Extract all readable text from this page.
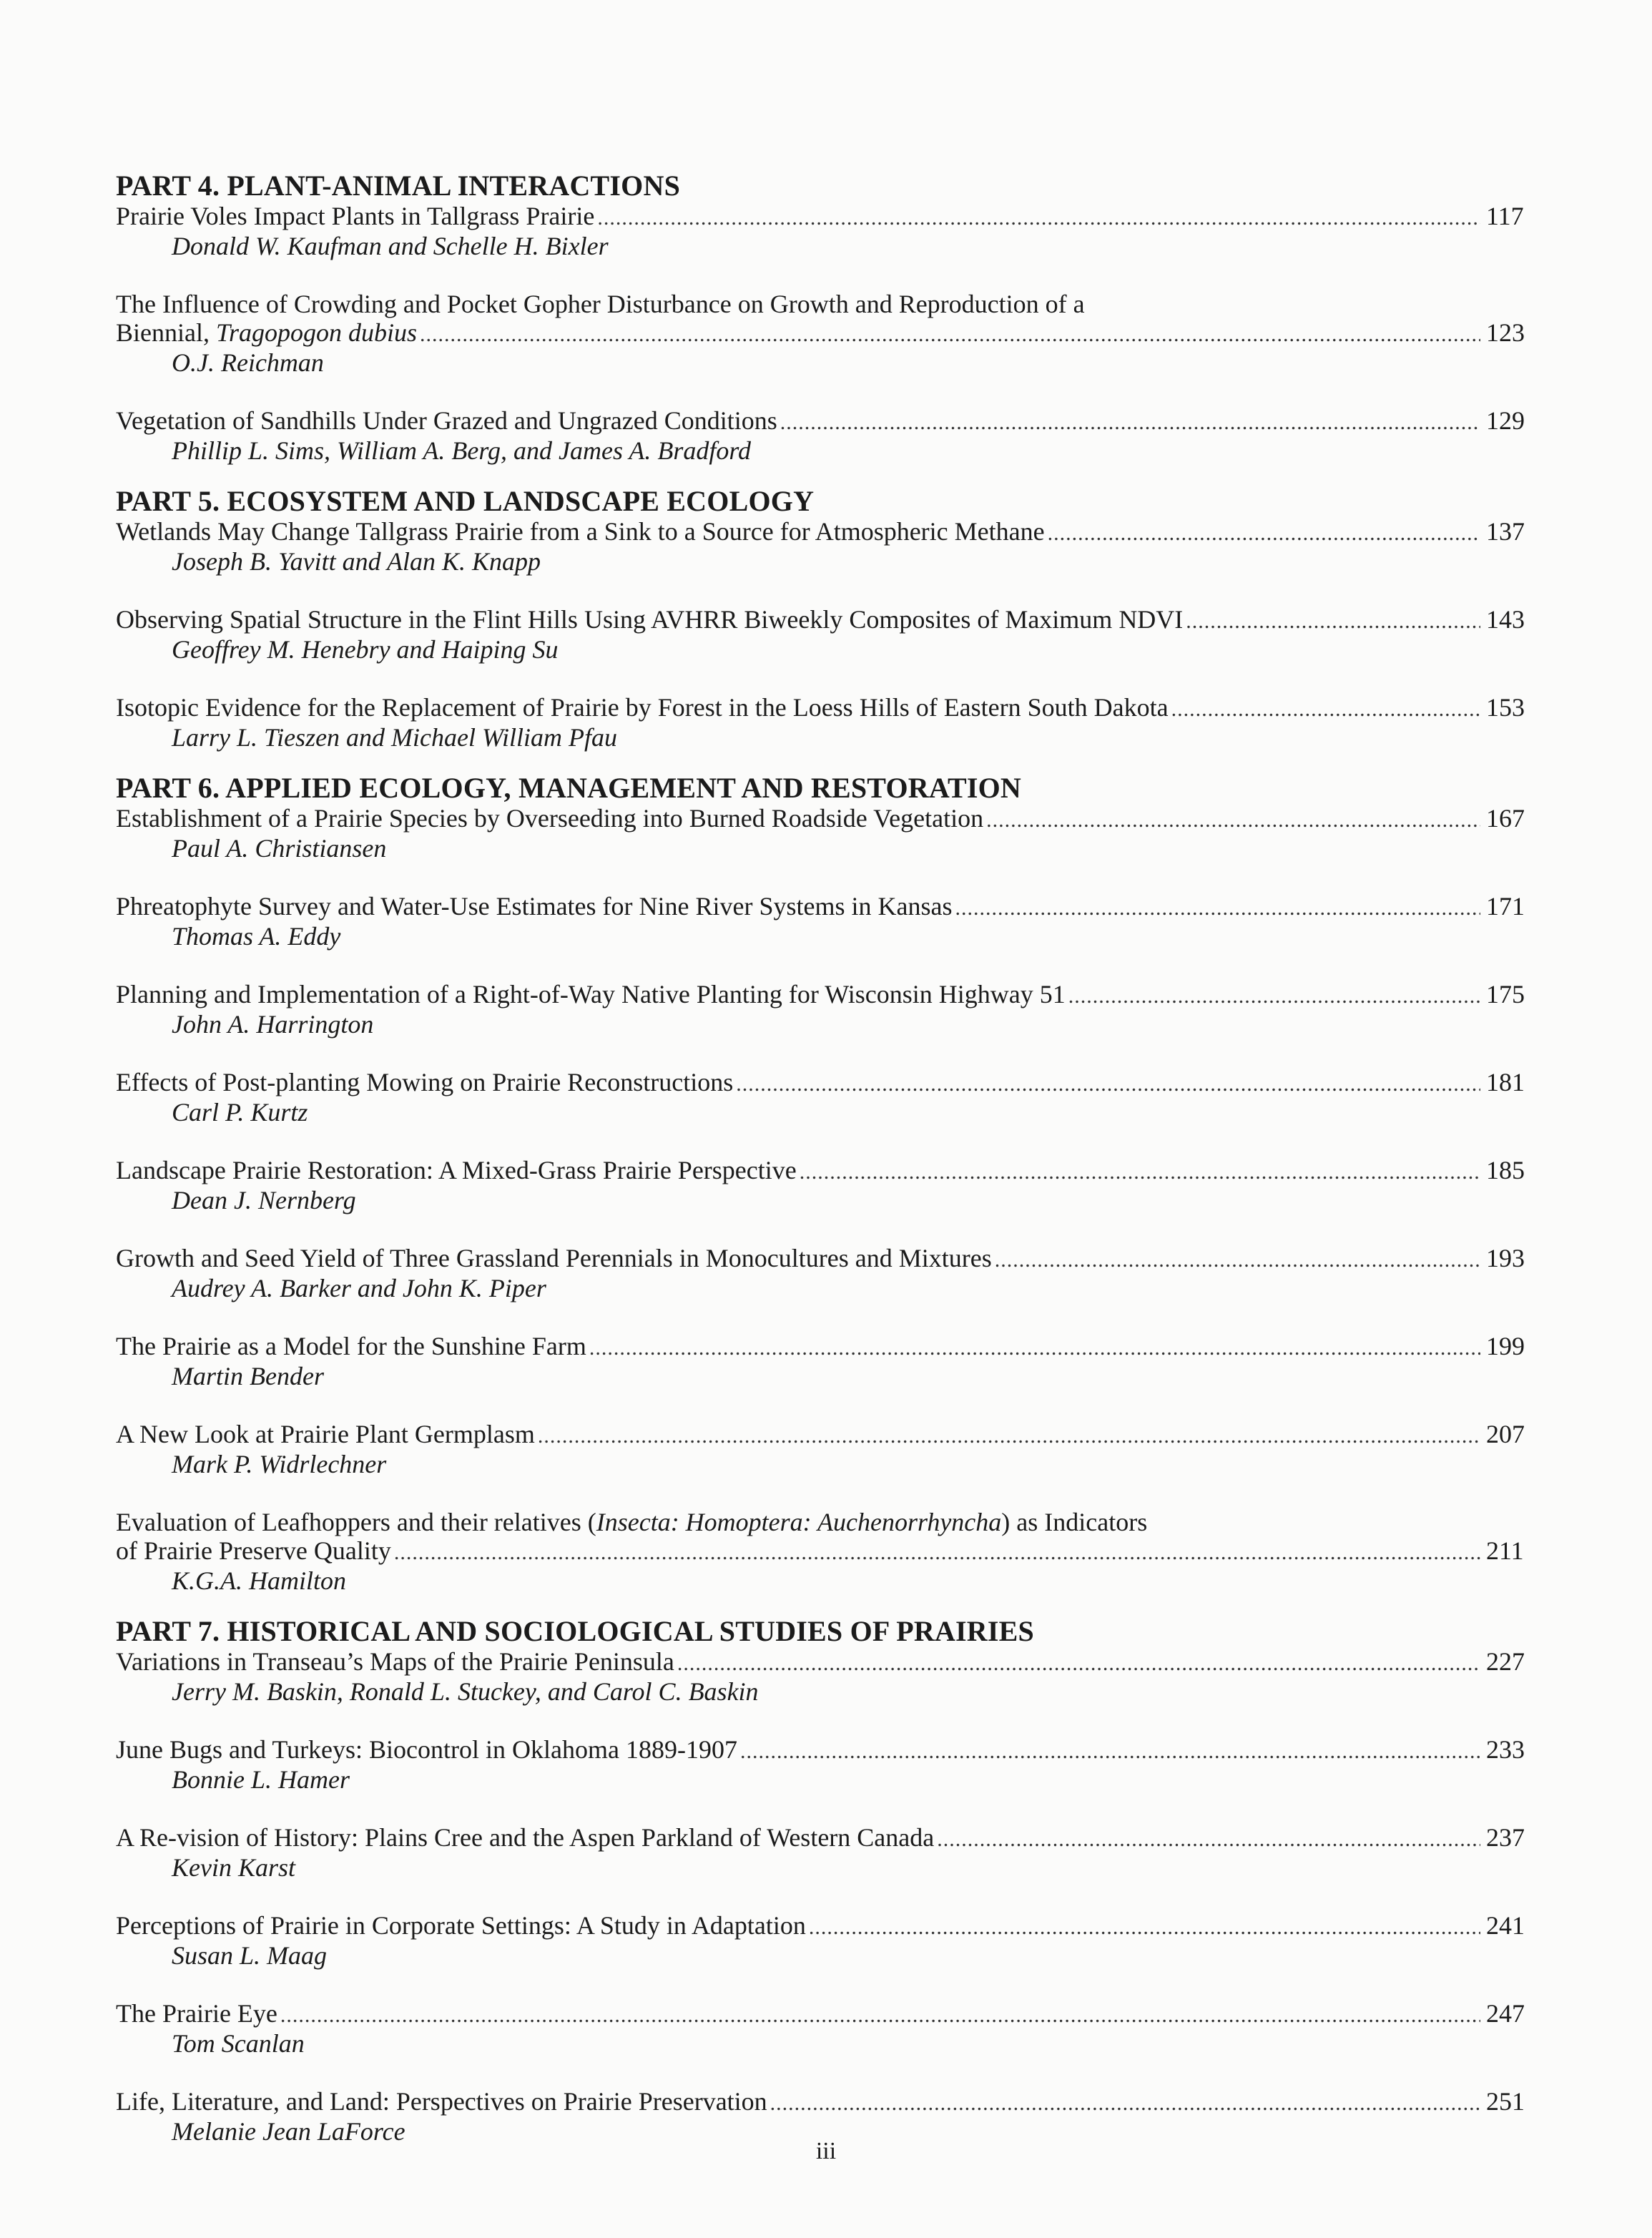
PART 4. PLANT-ANIMAL INTERACTIONS
Prairie Voles Impact Plants in Tallgrass Prairie .....	117
Donald W. Kaufman and Schelle H. Bixler
The Influence of Crowding and Pocket Gopher Disturbance on Growth and Reproduction of a
Biennial, Tragopogon dubius .....	123
O.J. Reichman
Vegetation of Sandhills Under Grazed and Ungrazed Conditions .....	129
Phillip L. Sims, William A. Berg, and James A. Bradford
PART 5. ECOSYSTEM AND LANDSCAPE ECOLOGY
Wetlands May Change Tallgrass Prairie from a Sink to a Source for Atmospheric Methane .....	137
Joseph B. Yavitt and Alan K. Knapp
Observing Spatial Structure in the Flint Hills Using AVHRR Biweekly Composites of Maximum NDVI .....	143
Geoffrey M. Henebry and Haiping Su
Isotopic Evidence for the Replacement of Prairie by Forest in the Loess Hills of Eastern South Dakota .....	153
Larry L. Tieszen and Michael William Pfau
PART 6. APPLIED ECOLOGY, MANAGEMENT AND RESTORATION
Establishment of a Prairie Species by Overseeding into Burned Roadside Vegetation .....	167
Paul A. Christiansen
Phreatophyte Survey and Water-Use Estimates for Nine River Systems in Kansas .....	171
Thomas A. Eddy
Planning and Implementation of a Right-of-Way Native Planting for Wisconsin Highway 51 .....	175
John A. Harrington
Effects of Post-planting Mowing on Prairie Reconstructions .....	181
Carl P. Kurtz
Landscape Prairie Restoration: A Mixed-Grass Prairie Perspective .....	185
Dean J. Nernberg
Growth and Seed Yield of Three Grassland Perennials in Monocultures and Mixtures .....	193
Audrey A. Barker and John K. Piper
The Prairie as a Model for the Sunshine Farm .....	199
Martin Bender
A New Look at Prairie Plant Germplasm .....	207
Mark P. Widrlechner
Evaluation of Leafhoppers and their relatives (Insecta: Homoptera: Auchenorrhyncha) as Indicators
of Prairie Preserve Quality .....	211
K.G.A. Hamilton
PART 7. HISTORICAL AND SOCIOLOGICAL STUDIES OF PRAIRIES
Variations in Transeau’s Maps of the Prairie Peninsula .....	227
Jerry M. Baskin, Ronald L. Stuckey, and Carol C. Baskin
June Bugs and Turkeys: Biocontrol in Oklahoma 1889-1907 .....	233
Bonnie L. Hamer
A Re-vision of History: Plains Cree and the Aspen Parkland of Western Canada .....	237
Kevin Karst
Perceptions of Prairie in Corporate Settings: A Study in Adaptation .....	241
Susan L. Maag
The Prairie Eye .....	247
Tom Scanlan
Life, Literature, and Land: Perspectives on Prairie Preservation .....	251
Melanie Jean LaForce
iii
